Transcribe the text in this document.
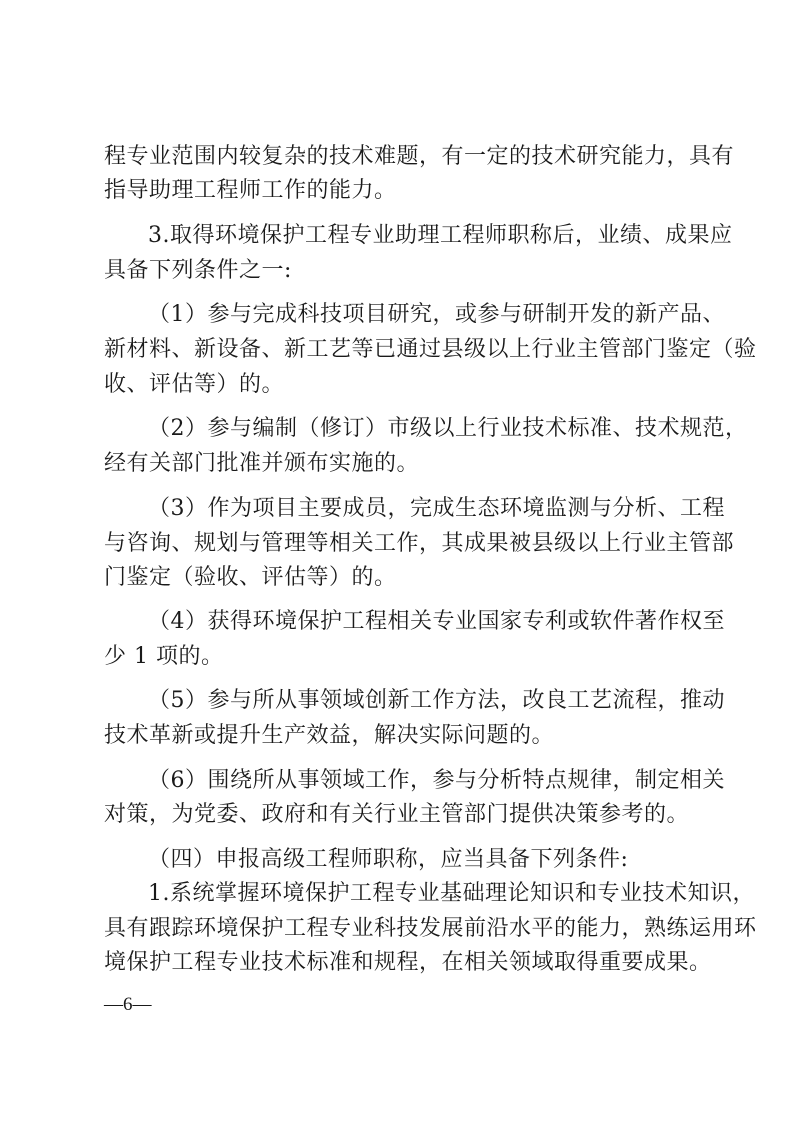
程专业范围内较复杂的技术难题，有一定的技术研究能力，具有
指导助理工程师工作的能力。
3.取得环境保护工程专业助理工程师职称后，业绩、成果应
具备下列条件之一:
（1）参与完成科技项目研究，或参与研制开发的新产品、
新材料、新设备、新工艺等已通过县级以上行业主管部门鉴定（验
收、评估等）的。
（2）参与编制（修订）市级以上行业技术标准、技术规范，
经有关部门批准并颁布实施的。
（3）作为项目主要成员，完成生态环境监测与分析、工程
与咨询、规划与管理等相关工作，其成果被县级以上行业主管部
门鉴定（验收、评估等）的。
（4）获得环境保护工程相关专业国家专利或软件著作权至
少 1 项的。
（5）参与所从事领域创新工作方法，改良工艺流程，推动
技术革新或提升生产效益，解决实际问题的。
（6）围绕所从事领域工作，参与分析特点规律，制定相关
对策，为党委、政府和有关行业主管部门提供决策参考的。
（四）申报高级工程师职称，应当具备下列条件:
1.系统掌握环境保护工程专业基础理论知识和专业技术知识，
具有跟踪环境保护工程专业科技发展前沿水平的能力，熟练运用环
境保护工程专业技术标准和规程，在相关领域取得重要成果。
—6—
